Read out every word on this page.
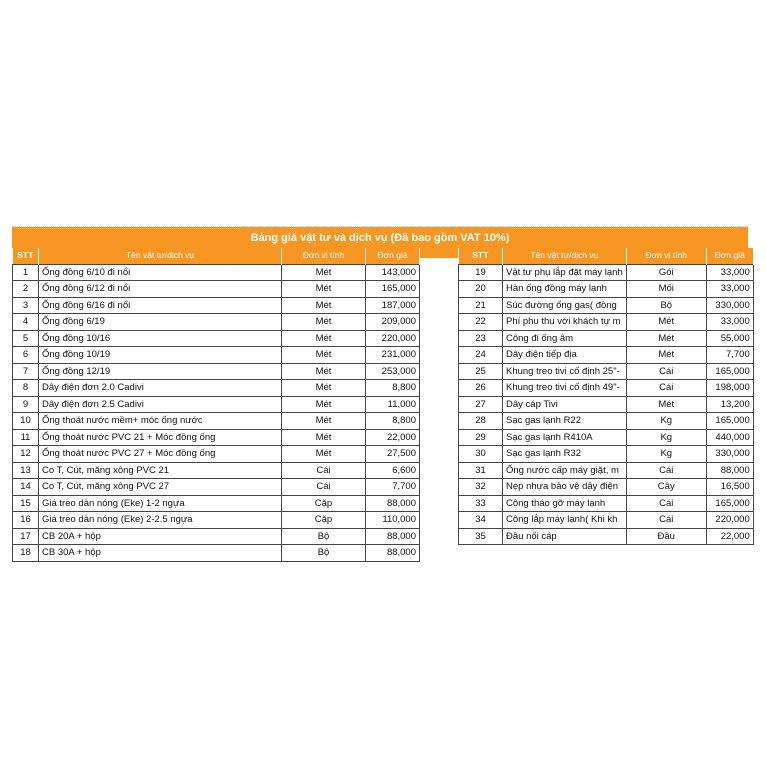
Bảng giá vật tư và dịch vụ (Đã bao gồm VAT 10%)
STT	Tên vật tư/dịch vụ	Đơn vị tính	Đơn giá
1	Ống đồng 6/10 đi nổi	Mét	143,000
2	Ống đồng 6/12 đi nổi	Mét	165,000
3	Ống đồng 6/16 đi nổi	Mét	187,000
4	Ống đồng 6/19	Mét	209,000
5	Ống đồng 10/16	Mét	220,000
6	Ống đồng 10/19	Mét	231,000
7	Ống đồng 12/19	Mét	253,000
8	Dây điện đơn 2.0 Cadivi	Mét	8,800
9	Dây điện đơn 2.5 Cadivi	Mét	11,000
10	Ống thoát nước mềm+ móc ống nước	Mét	8,800
11	Ống thoát nước PVC 21 + Móc đồng ống	Mét	22,000
12	Ống thoát nước PVC 27 + Móc đồng ống	Mét	27,500
13	Co T, Cút, măng xông PVC 21	Cái	6,600
14	Co T, Cút, măng xông PVC 27	Cái	7,700
15	Giá treo dàn nóng (Eke) 1-2 ngựa	Cặp	88,000
16	Giá treo dàn nóng (Eke) 2-2.5 ngựa	Cặp	110,000
17	CB 20A + hộp	Bộ	88,000
18	CB 30A + hộp	Bộ	88,000
STT	Tên vật tư/dịch vụ	Đơn vị tính	Đơn giá
19	Vật tư phụ lắp đặt máy lạnh	Gói	33,000
20	Hàn ống đồng máy lạnh	Mối	33,000
21	Súc đường ống gas( đồng	Bộ	330,000
22	Phí phụ thu với khách tự m	Mét	33,000
23	Công đi ống âm	Mét	55,000
24	Dây điện tiếp địa	Mét	7,700
25	Khung treo tivi cố định 25"-	Cái	165,000
26	Khung treo tivi cố định 49"-	Cái	198,000
27	Dây cáp Tivi	Mét	13,200
28	Sạc gas lạnh R22	Kg	165,000
29	Sạc gas lạnh R410A	Kg	440,000
30	Sạc gas lạnh R32	Kg	330,000
31	Ống nước cấp máy giặt, m	Cái	88,000
32	Nẹp nhựa bảo vệ dây điện	Cây	16,500
33	Công tháo gỡ máy lạnh	Cái	165,000
34	Công lắp máy lạnh( Khi kh	Cái	220,000
35	Đầu nối cáp	Đầu	22,000
